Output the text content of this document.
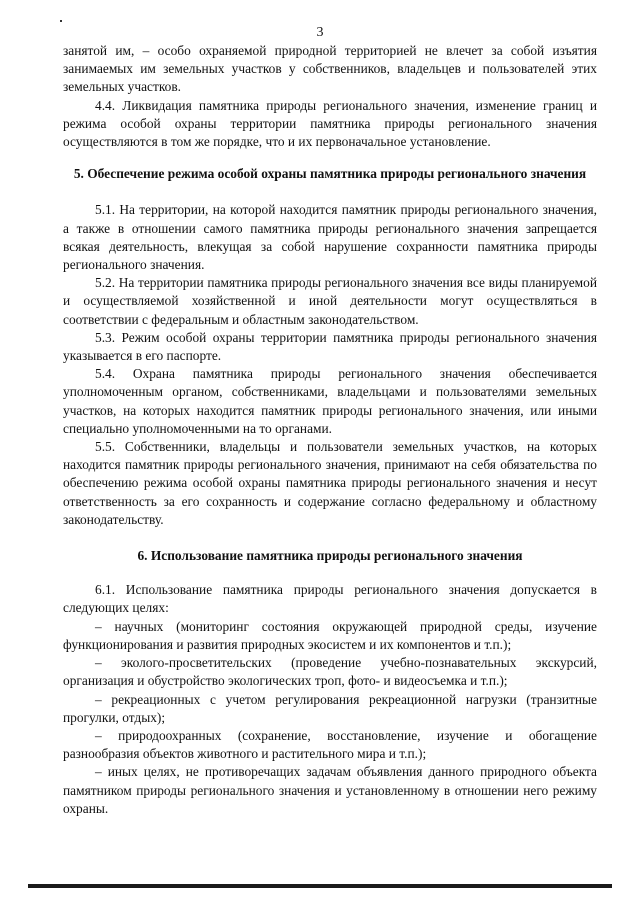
3

занятой им, – особо охраняемой природной территорией не влечет за собой изъятия занимаемых им земельных участков у собственников, владельцев и пользователей этих земельных участков.

4.4. Ликвидация памятника природы регионального значения, изменение границ и режима особой охраны территории памятника природы регионального значения осуществляются в том же порядке, что и их первоначальное установление.

5. Обеспечение режима особой охраны памятника природы регионального значения

5.1. На территории, на которой находится памятник природы регионального значения, а также в отношении самого памятника природы регионального значения запрещается всякая деятельность, влекущая за собой нарушение сохранности памятника природы регионального значения.

5.2. На территории памятника природы регионального значения все виды планируемой и осуществляемой хозяйственной и иной деятельности могут осуществляться в соответствии с федеральным и областным законодательством.

5.3. Режим особой охраны территории памятника природы регионального значения указывается в его паспорте.

5.4. Охрана памятника природы регионального значения обеспечивается уполномоченным органом, собственниками, владельцами и пользователями земельных участков, на которых находится памятник природы регионального значения, или иными специально уполномоченными на то органами.

5.5. Собственники, владельцы и пользователи земельных участков, на которых находится памятник природы регионального значения, принимают на себя обязательства по обеспечению режима особой охраны памятника природы регионального значения и несут ответственность за его сохранность и содержание согласно федеральному и областному законодательству.

6. Использование памятника природы регионального значения

6.1. Использование памятника природы регионального значения допускается в следующих целях:

– научных (мониторинг состояния окружающей природной среды, изучение функционирования и развития природных экосистем и их компонентов и т.п.);

– эколого-просветительских (проведение учебно-познавательных экскурсий, организация и обустройство экологических троп, фото- и видеосъемка и т.п.);

– рекреационных с учетом регулирования рекреационной нагрузки (транзитные прогулки, отдых);

– природоохранных (сохранение, восстановление, изучение и обогащение разнообразия объектов животного и растительного мира и т.п.);

– иных целях, не противоречащих задачам объявления данного природного объекта памятником природы регионального значения и установленному в отношении него режиму охраны.
